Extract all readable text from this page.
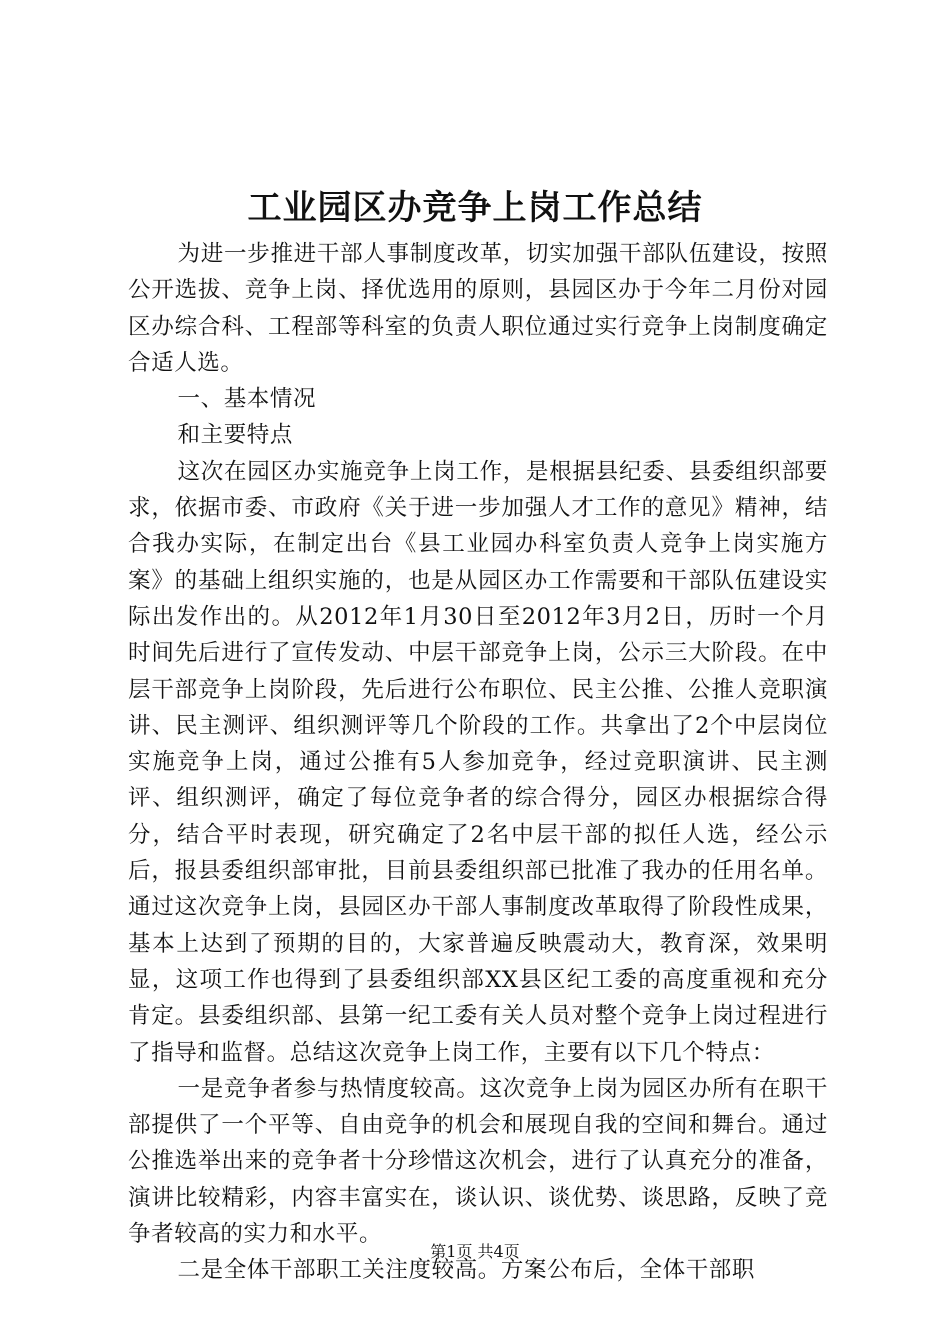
工业园区办竞争上岗工作总结

为进一步推进干部人事制度改革，切实加强干部队伍建设，按照公开选拔、竞争上岗、择优选用的原则，县园区办于今年二月份对园区办综合科、工程部等科室的负责人职位通过实行竞争上岗制度确定合适人选。

一、基本情况

和主要特点

这次在园区办实施竞争上岗工作，是根据县纪委、县委组织部要求，依据市委、市政府《关于进一步加强人才工作的意见》精神，结合我办实际，在制定出台《县工业园办科室负责人竞争上岗实施方案》的基础上组织实施的，也是从园区办工作需要和干部队伍建设实际出发作出的。从2012年1月30日至2012年3月2日，历时一个月时间先后进行了宣传发动、中层干部竞争上岗，公示三大阶段。在中层干部竞争上岗阶段，先后进行公布职位、民主公推、公推人竞职演讲、民主测评、组织测评等几个阶段的工作。共拿出了2个中层岗位实施竞争上岗，通过公推有5人参加竞争，经过竞职演讲、民主测评、组织测评，确定了每位竞争者的综合得分，园区办根据综合得分，结合平时表现，研究确定了2名中层干部的拟任人选，经公示后，报县委组织部审批，目前县委组织部已批准了我办的任用名单。通过这次竞争上岗，县园区办干部人事制度改革取得了阶段性成果，基本上达到了预期的目的，大家普遍反映震动大，教育深，效果明显，这项工作也得到了县委组织部XX县区纪工委的高度重视和充分肯定。县委组织部、县第一纪工委有关人员对整个竞争上岗过程进行了指导和监督。总结这次竞争上岗工作，主要有以下几个特点：

一是竞争者参与热情度较高。这次竞争上岗为园区办所有在职干部提供了一个平等、自由竞争的机会和展现自我的空间和舞台。通过公推选举出来的竞争者十分珍惜这次机会，进行了认真充分的准备，演讲比较精彩，内容丰富实在，谈认识、谈优势、谈思路，反映了竞争者较高的实力和水平。

二是全体干部职工关注度较高。方案公布后，全体干部职

第1页 共4页
